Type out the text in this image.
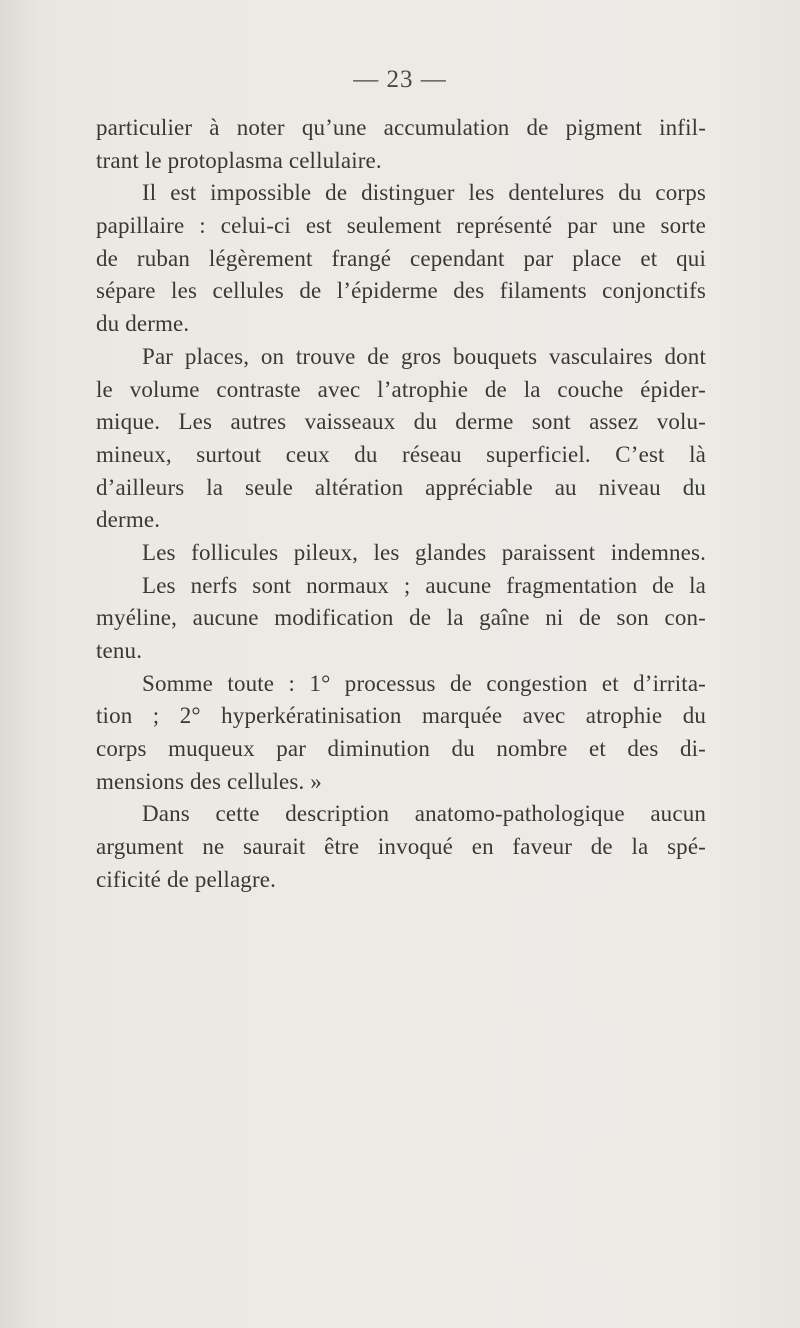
— 23 —
particulier à noter qu’une accumulation de pigment infil-
trant le protoplasma cellulaire.
Il est impossible de distinguer les dentelures du corps
papillaire : celui-ci est seulement représenté par une sorte
de ruban légèrement frangé cependant par place et qui
sépare les cellules de l’épiderme des filaments conjonctifs
du derme.
Par places, on trouve de gros bouquets vasculaires dont
le volume contraste avec l’atrophie de la couche épider-
mique. Les autres vaisseaux du derme sont assez volu-
mineux, surtout ceux du réseau superficiel. C’est là
d’ailleurs la seule altération appréciable au niveau du
derme.
Les follicules pileux, les glandes paraissent indemnes.
Les nerfs sont normaux ; aucune fragmentation de la
myéline, aucune modification de la gaîne ni de son con-
tenu.
Somme toute : 1° processus de congestion et d’irrita-
tion ; 2° hyperkératinisation marquée avec atrophie du
corps muqueux par diminution du nombre et des di-
mensions des cellules. »
Dans cette description anatomo-pathologique aucun
argument ne saurait être invoqué en faveur de la spé-
cificité de pellagre.
